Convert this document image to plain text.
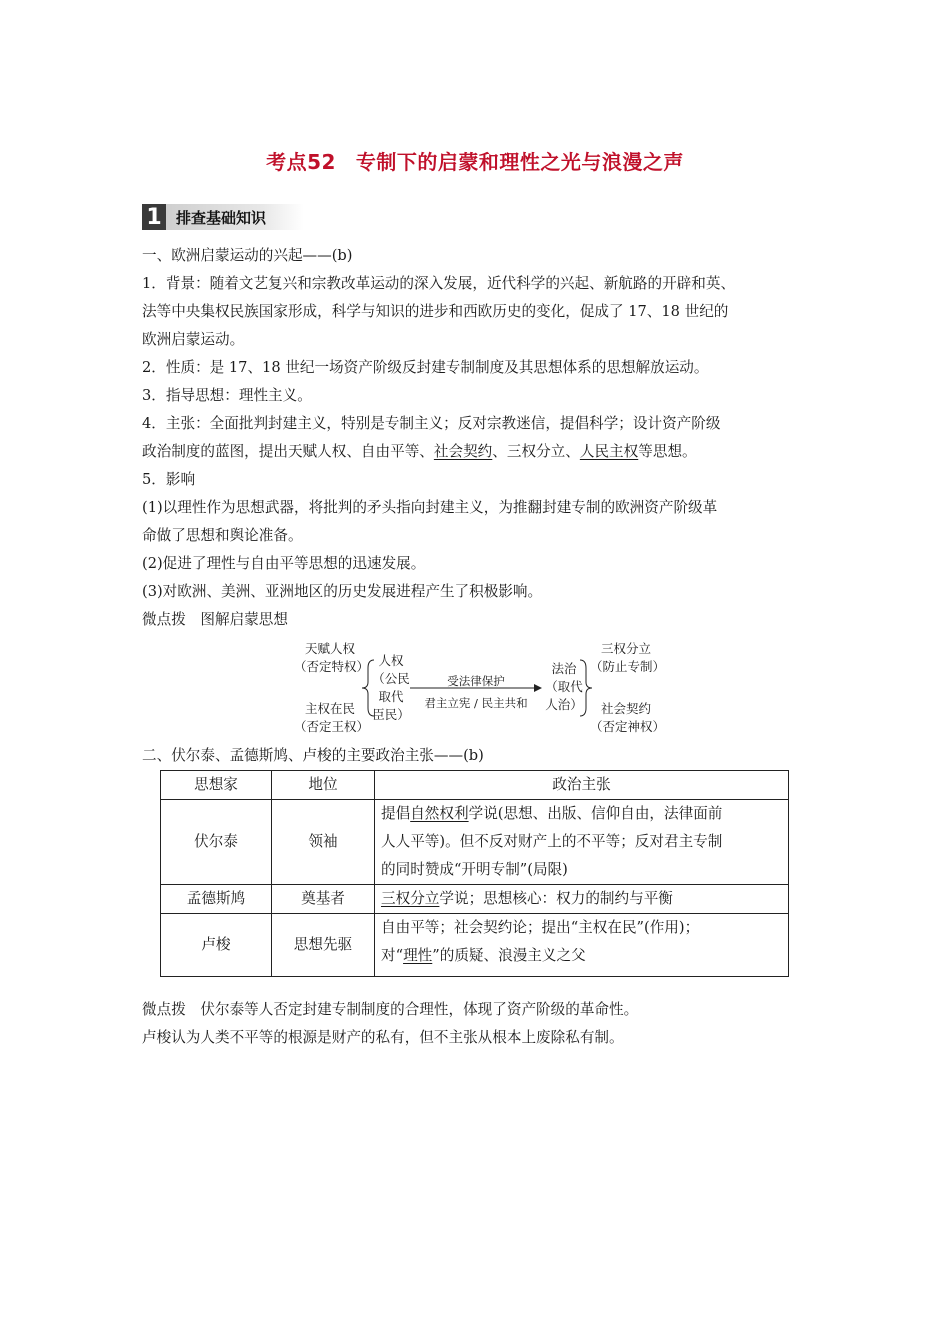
考点52 专制下的启蒙和理性之光与浪漫之声
1 排查基础知识

一、欧洲启蒙运动的兴起——(b)

1．背景：随着文艺复兴和宗教改革运动的深入发展，近代科学的兴起、新航路的开辟和英、

法等中央集权民族国家形成，科学与知识的进步和西欧历史的变化，促成了 17、18 世纪的

欧洲启蒙运动。

2．性质：是 17、18 世纪一场资产阶级反封建专制制度及其思想体系的思想解放运动。

3．指导思想：理性主义。

4．主张：全面批判封建主义，特别是专制主义；反对宗教迷信，提倡科学；设计资产阶级

政治制度的蓝图，提出天赋人权、自由平等、社会契约、三权分立、人民主权等思想。

5．影响

(1)以理性作为思想武器，将批判的矛头指向封建主义，为推翻封建专制的欧洲资产阶级革

命做了思想和舆论准备。

(2)促进了理性与自由平等思想的迅速发展。

(3)对欧洲、美洲、亚洲地区的历史发展进程产生了积极影响。

微点拨　图解启蒙思想

天赋人权
（否定特权）
主权在民
（否定王权）
人权
（公民
取代
臣民）
受法律保护
君主立宪 / 民主共和
法治
（取代
人治）
三权分立
（防止专制）
社会契约
（否定神权）
二、伏尔泰、孟德斯鸠、卢梭的主要政治主张——(b)
思想家	地位	政治主张
伏尔泰	领袖	提倡自然权利学说(思想、出版、信仰自由，法律面前
人人平等)。但不反对财产上的不平等；反对君主专制
的同时赞成“开明专制”(局限)

孟德斯鸠	奠基者	三权分立学说；思想核心：权力的制约与平衡
卢梭	思想先驱	自由平等；社会契约论；提出“主权在民”(作用)；
对“理性”的质疑、浪漫主义之父

微点拨　伏尔泰等人否定封建专制制度的合理性，体现了资产阶级的革命性。

卢梭认为人类不平等的根源是财产的私有，但不主张从根本上废除私有制。
